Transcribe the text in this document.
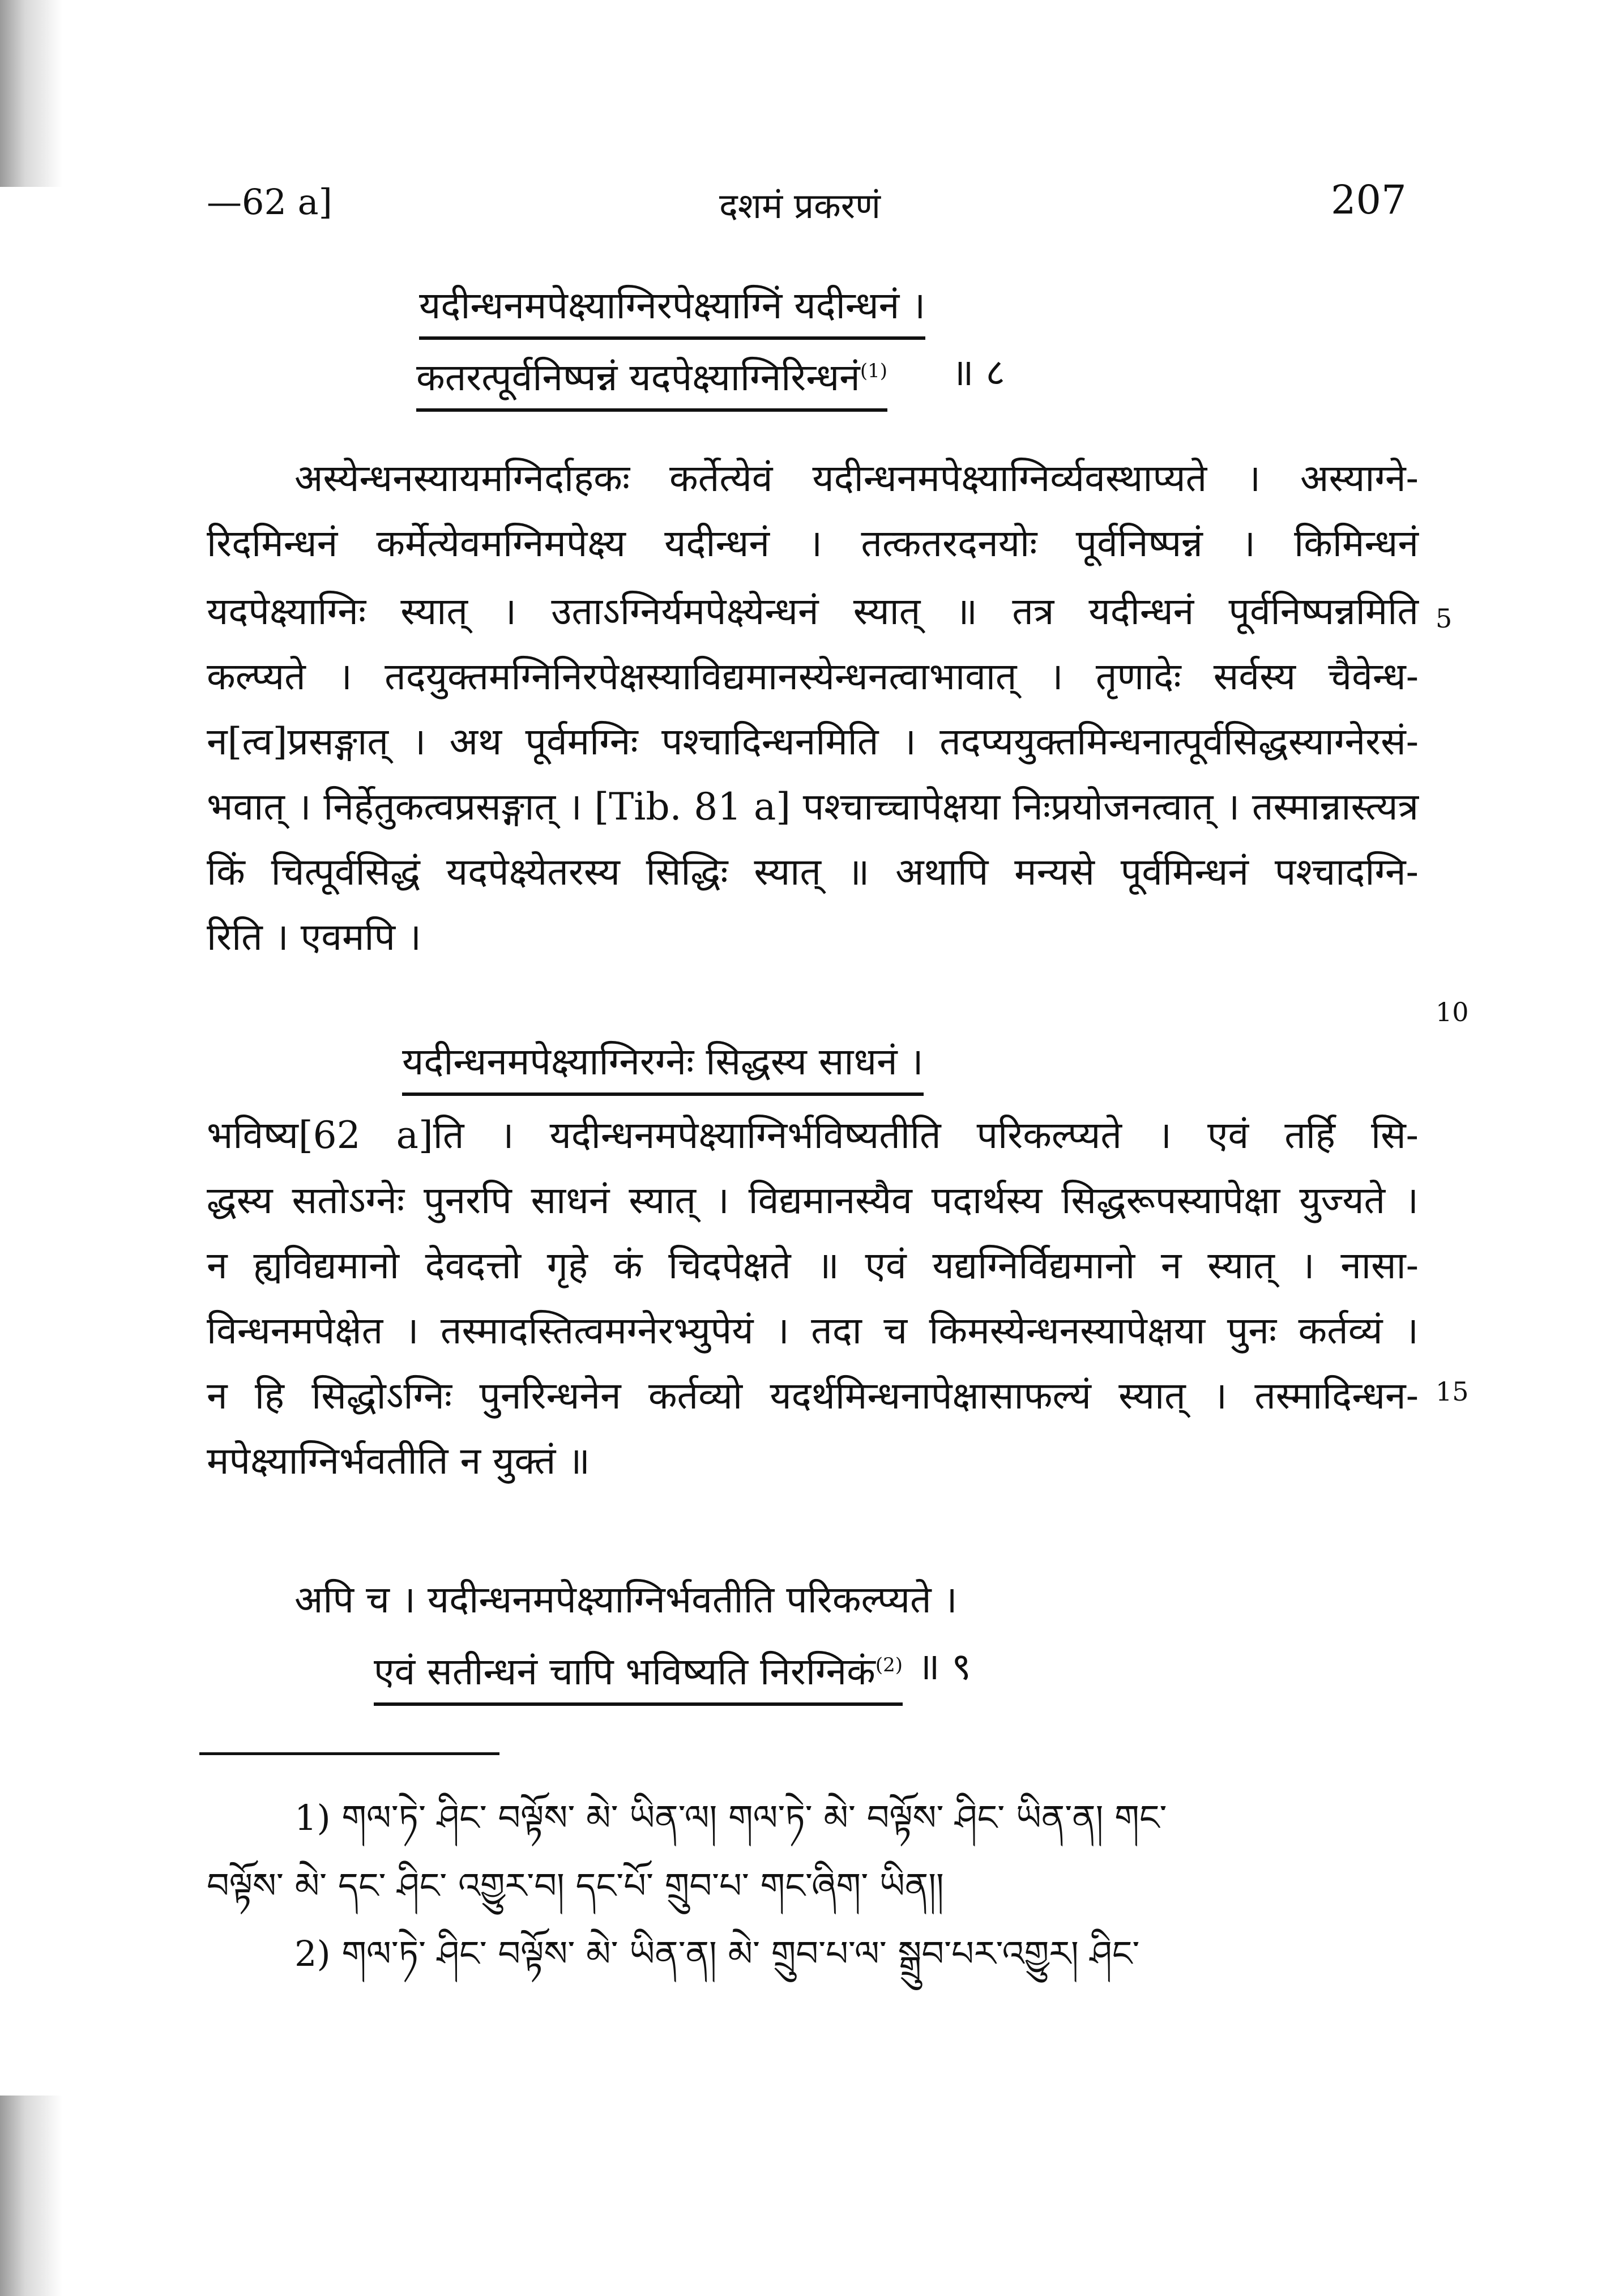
—62 a]	दशमं प्रकरणं	207
यदीन्धनमपेक्ष्याग्निरपेक्ष्याग्निं यदीन्धनं ।
कतरत्पूर्वनिष्पन्नं यदपेक्ष्याग्निरिन्धनं$^{(1)}$ ॥ ८
अस्येन्धनस्यायमग्निर्दाहकः कर्तेत्येवं यदीन्धनमपेक्ष्याग्निर्व्यवस्थाप्यते । अस्याग्ने-
रिदमिन्धनं कर्मेत्येवमग्निमपेक्ष्य यदीन्धनं । तत्कतरदनयोः पूर्वनिष्पन्नं । किमिन्धनं
यदपेक्ष्याग्निः स्यात् । उताऽग्निर्यमपेक्ष्येन्धनं स्यात् ॥ तत्र यदीन्धनं पूर्वनिष्पन्नमिति 5
कल्प्यते । तदयुक्तमग्निनिरपेक्षस्याविद्यमानस्येन्धनत्वाभावात् । तृणादेः सर्वस्य चैवेन्ध-
न[त्व]प्रसङ्गात् । अथ पूर्वमग्निः पश्चादिन्धनमिति । तदप्ययुक्तमिन्धनात्पूर्वसिद्धस्याग्नेरसं-
भवात् । निर्हेतुकत्वप्रसङ्गात् । [Tib. 81 a] पश्चाच्चापेक्षया निःप्रयोजनत्वात् । तस्मान्नास्त्यत्र
किं चित्पूर्वसिद्धं यदपेक्ष्येतरस्य सिद्धिः स्यात् ॥ अथापि मन्यसे पूर्वमिन्धनं पश्चादग्नि-
रिति । एवमपि ।
10
यदीन्धनमपेक्ष्याग्निरग्नेः सिद्धस्य साधनं ।
भविष्य[62 a]ति । यदीन्धनमपेक्ष्याग्निर्भविष्यतीति परिकल्प्यते । एवं तर्हि सि-
द्धस्य सतोऽग्नेः पुनरपि साधनं स्यात् । विद्यमानस्यैव पदार्थस्य सिद्धरूपस्यापेक्षा युज्यते ।
न ह्यविद्यमानो देवदत्तो गृहे कं चिदपेक्षते ॥ एवं यद्यग्निर्विद्यमानो न स्यात् । नासा-
विन्धनमपेक्षेत । तस्मादस्तित्वमग्नेरभ्युपेयं । तदा च किमस्येन्धनस्यापेक्षया पुनः कर्तव्यं ।
15
न हि सिद्धोऽग्निः पुनरिन्धनेन कर्तव्यो यदर्थमिन्धनापेक्षासाफल्यं स्यात् । तस्मादिन्धन-
मपेक्ष्याग्निर्भवतीति न युक्तं ॥
अपि च । यदीन्धनमपेक्ष्याग्निर्भवतीति परिकल्प्यते ।
एवं सतीन्धनं चापि भविष्यति निरग्निकं$^{(2)}$ ॥ ९
1) གལ་ཏེ་ ཤིང་ བལྟོས་ མེ་ ཡིན་ལ། གལ་ཏེ་ མེ་ བལྟོས་ ཤིང་ ཡིན་ན། གང་
བལྟོས་ མེ་ དང་ ཤིང་ འགྱུར་བ། དང་པོ་ གྲུབ་པ་ གང་ཞིག་ ཡིན།།
2) གལ་ཏེ་ ཤིང་ བལྟོས་ མེ་ ཡིན་ན། མེ་ གྲུབ་པ་ལ་ སྒྲུབ་པར་འགྱུར། ཤིང་
